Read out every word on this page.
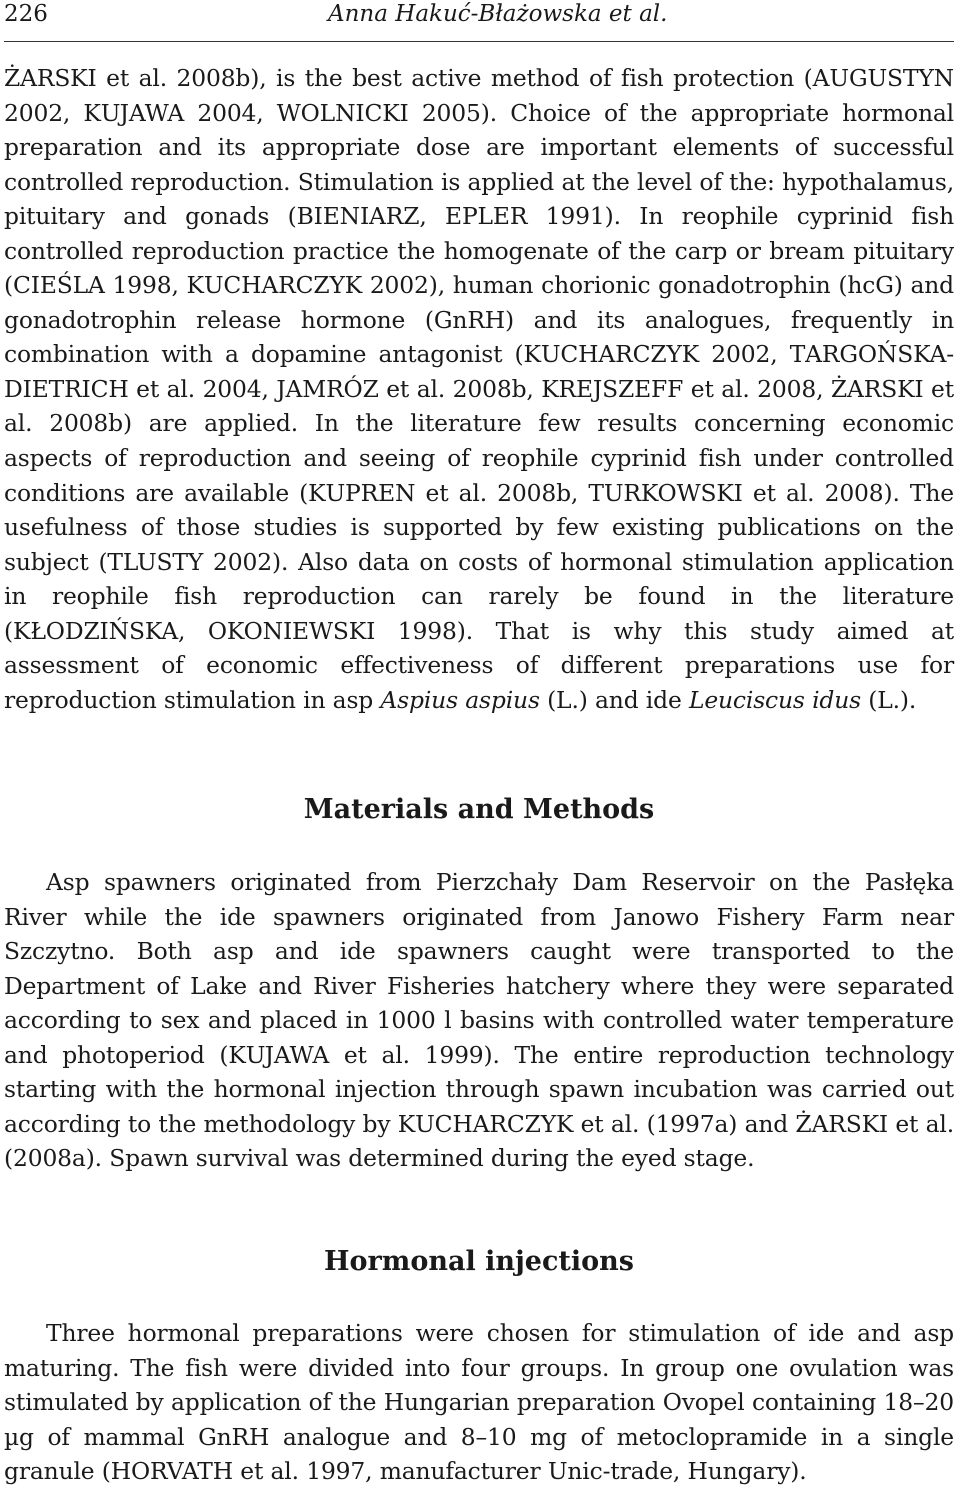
226	Anna Hakuć-Błażowska et al.

ŻARSKI et al. 2008b), is the best active method of fish protection (AUGUSTYN 2002, KUJAWA 2004, WOLNICKI 2005). Choice of the appropriate hormonal preparation and its appropriate dose are important elements of successful controlled reproduction. Stimulation is applied at the level of the: hypothalamus, pituitary and gonads (BIENIARZ, EPLER 1991). In reophile cyprinid fish controlled reproduction practice the homogenate of the carp or bream pituitary (CIEŚLA 1998, KUCHARCZYK 2002), human chorionic gonadotrophin (hcG) and gonadotrophin release hormone (GnRH) and its analogues, frequently in combination with a dopamine antagonist (KUCHARCZYK 2002, TARGOŃSKA-DIETRICH et al. 2004, JAMRÓZ et al. 2008b, KREJSZEFF et al. 2008, ŻARSKI et al. 2008b) are applied. In the literature few results concerning economic aspects of reproduction and seeing of reophile cyprinid fish under controlled conditions are available (KUPREN et al. 2008b, TURKOWSKI et al. 2008). The usefulness of those studies is supported by few existing publications on the subject (TLUSTY 2002). Also data on costs of hormonal stimulation application in reophile fish reproduction can rarely be found in the literature (KŁODZIŃSKA, OKONIEWSKI 1998). That is why this study aimed at assessment of economic effectiveness of different preparations use for reproduction stimulation in asp Aspius aspius (L.) and ide Leuciscus idus (L.).

Materials and Methods

Asp spawners originated from Pierzchały Dam Reservoir on the Pasłęka River while the ide spawners originated from Janowo Fishery Farm near Szczytno. Both asp and ide spawners caught were transported to the Department of Lake and River Fisheries hatchery where they were separated according to sex and placed in 1000 l basins with controlled water temperature and photoperiod (KUJAWA et al. 1999). The entire reproduction technology starting with the hormonal injection through spawn incubation was carried out according to the methodology by KUCHARCZYK et al. (1997a) and ŻARSKI et al. (2008a). Spawn survival was determined during the eyed stage.

Hormonal injections

Three hormonal preparations were chosen for stimulation of ide and asp maturing. The fish were divided into four groups. In group one ovulation was stimulated by application of the Hungarian preparation Ovopel containing 18–20 µg of mammal GnRH analogue and 8–10 mg of metoclopramide in a single granule (HORVATH et al. 1997, manufacturer Unic-trade, Hungary).
